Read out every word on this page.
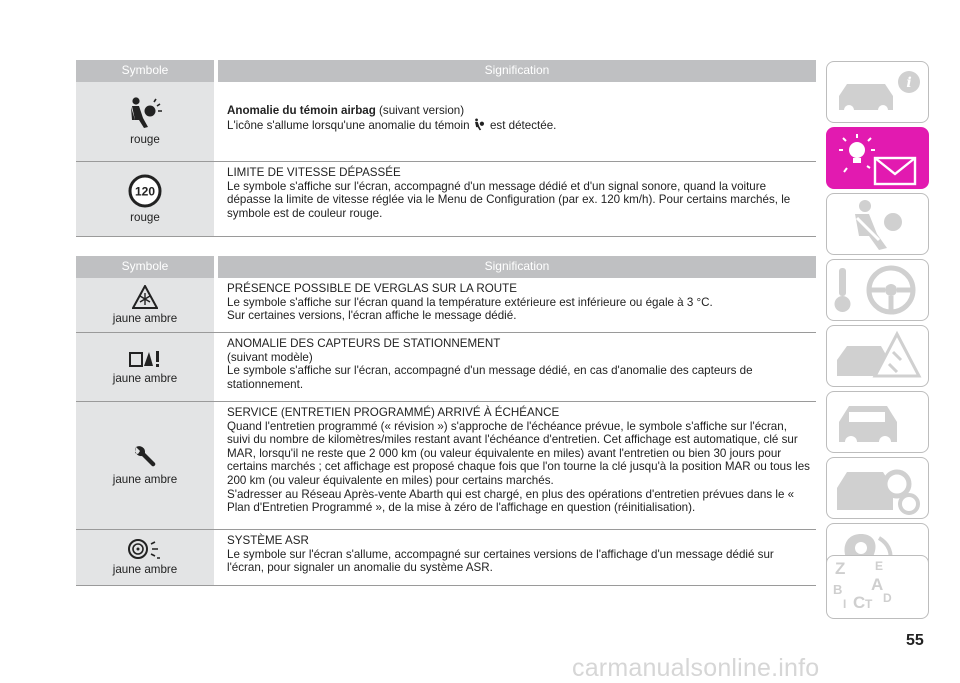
Symbole	Signification
rouge

Anomalie du témoin airbag (suivant version)

L'icône s'allume lorsqu'une anomalie du témoin  est détectée.

120
rouge

LIMITE DE VITESSE DÉPASSÉE

Le symbole s'affiche sur l'écran, accompagné d'un message dédié et d'un signal sonore, quand la voiture dépasse la limite de vitesse réglée via le Menu de Configuration (par ex. 120 km/h). Pour certains marchés, le symbole est de couleur rouge.

Symbole	Signification
jaune ambre

PRÉSENCE POSSIBLE DE VERGLAS SUR LA ROUTE

Le symbole s'affiche sur l'écran quand la température extérieure est inférieure ou égale à 3 °C.

Sur certaines versions, l'écran affiche le message dédié.

jaune ambre

ANOMALIE DES CAPTEURS DE STATIONNEMENT

(suivant modèle)

Le symbole s'affiche sur l'écran, accompagné d'un message dédié, en cas d'anomalie des capteurs de stationnement.

jaune ambre

SERVICE (ENTRETIEN PROGRAMMÉ) ARRIVÉ À ÉCHÉANCE

Quand l'entretien programmé (« révision ») s'approche de l'échéance prévue, le symbole s'affiche sur l'écran, suivi du nombre de kilomètres/miles restant avant l'échéance d'entretien. Cet affichage est automatique, clé sur MAR, lorsqu'il ne reste que 2 000 km (ou valeur équivalente en miles) avant l'entretien ou bien 30 jours pour certains marchés ; cet affichage est proposé chaque fois que l'on tourne la clé jusqu'à la position MAR ou tous les 200 km (ou valeur équivalente en miles) pour certains marchés.

S'adresser au Réseau Après-vente Abarth qui est chargé, en plus des opérations d'entretien prévues dans le « Plan d'Entretien Programmé », de la mise à zéro de l'affichage en question (réinitialisation).

jaune ambre

SYSTÈME ASR

Le symbole sur l'écran s'allume, accompagné sur certaines versions de l'affichage d'un message dédié sur l'écran, pour signaler un anomalie du système ASR.

i
Z E
A
B
I C T D
55
carmanualsonline.info
